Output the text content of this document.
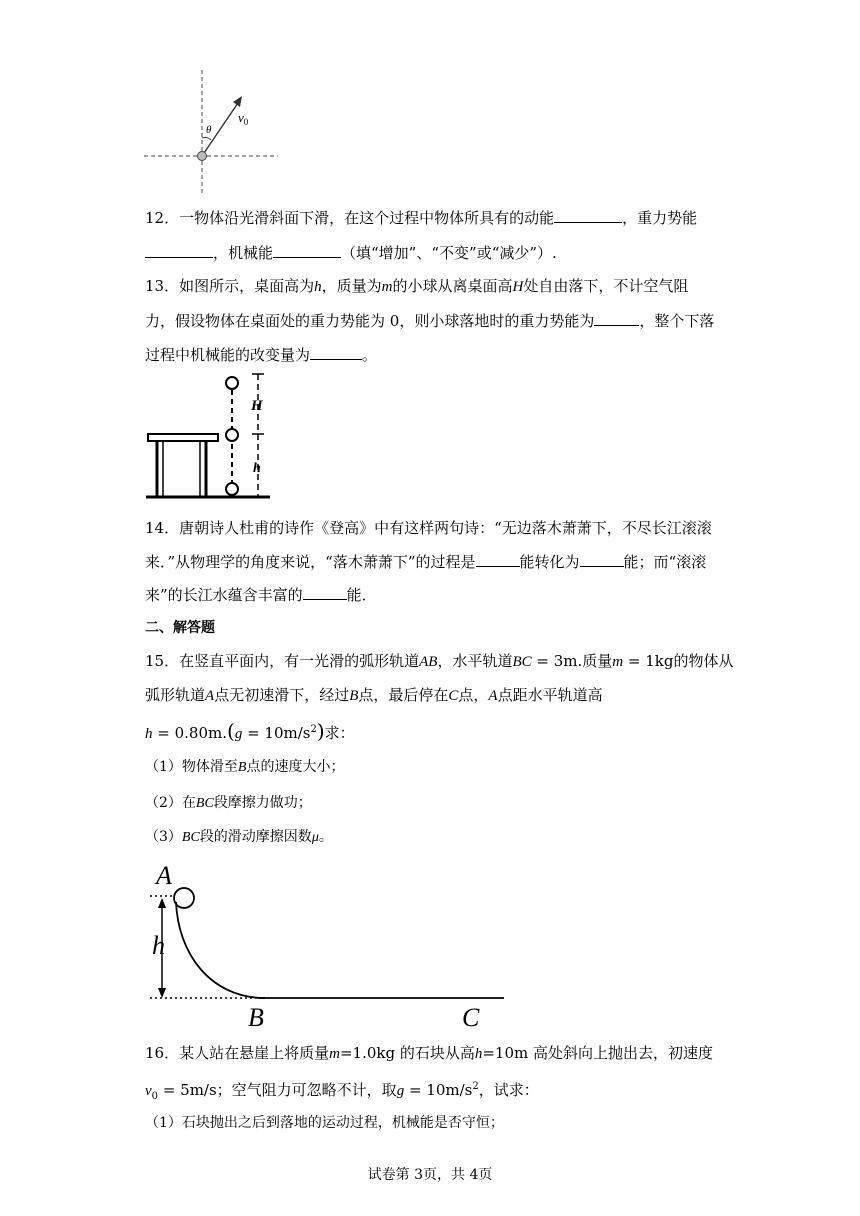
θ
$v_0$
12．一物体沿光滑斜面下滑，在这个过程中物体所具有的动能	，重力势能
，机械能	（填“增加”、“不变”或“减少”）.
13．如图所示，桌面高为h，质量为m的小球从离桌面高H处自由落下，不计空气阻
力，假设物体在桌面处的重力势能为 0，则小球落地时的重力势能为	，整个下落
过程中机械能的改变量为	。
H
h
14．唐朝诗人杜甫的诗作《登高》中有这样两句诗：“无边落木萧萧下，不尽长江滚滚
来．”从物理学的角度来说，“落木萧萧下”的过程是	能转化为	能；而“滚滚
来”的长江水蕴含丰富的	能．
二、解答题
15．在竖直平面内，有一光滑的弧形轨道AB，水平轨道BC = 3m.质量m = 1kg的物体从
弧形轨道A点无初速滑下，经过B点，最后停在C点，A点距水平轨道高
$h = 0.80m.(g = 10m/s^2)$求：
（1）物体滑至B点的速度大小；
（2）在BC段摩擦力做功；
（3）BC段的滑动摩擦因数μ。
A
h
B	C
16．某人站在悬崖上将质量m=1.0kg 的石块从高h=10m 高处斜向上抛出去，初速度
$v_0 = 5m/s$；空气阻力可忽略不计，取$g = 10m/s^2$，试求：
（1）石块抛出之后到落地的运动过程，机械能是否守恒；
试卷第 3页，共 4页
